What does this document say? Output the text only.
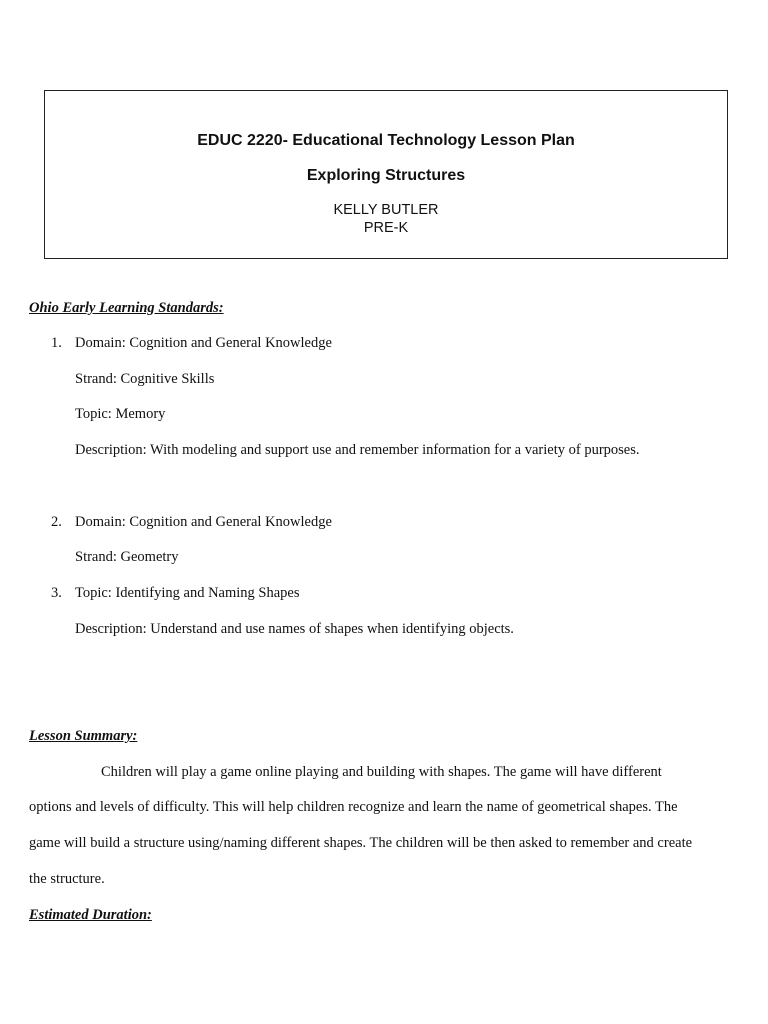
EDUC 2220- Educational Technology Lesson Plan
Exploring Structures
KELLY BUTLER
PRE-K
Ohio Early Learning Standards:
1. Domain: Cognition and General Knowledge
Strand: Cognitive Skills
Topic: Memory
Description: With modeling and support use and remember information for a variety of purposes.
2. Domain: Cognition and General Knowledge
Strand: Geometry
3. Topic: Identifying and Naming Shapes
Description: Understand and use names of shapes when identifying objects.
Lesson Summary:
Children will play a game online playing and building with shapes. The game will have different
options and levels of difficulty. This will help children recognize and learn the name of geometrical shapes. The
game will build a structure using/naming different shapes. The children will be then asked to remember and create
the structure.
Estimated Duration:
